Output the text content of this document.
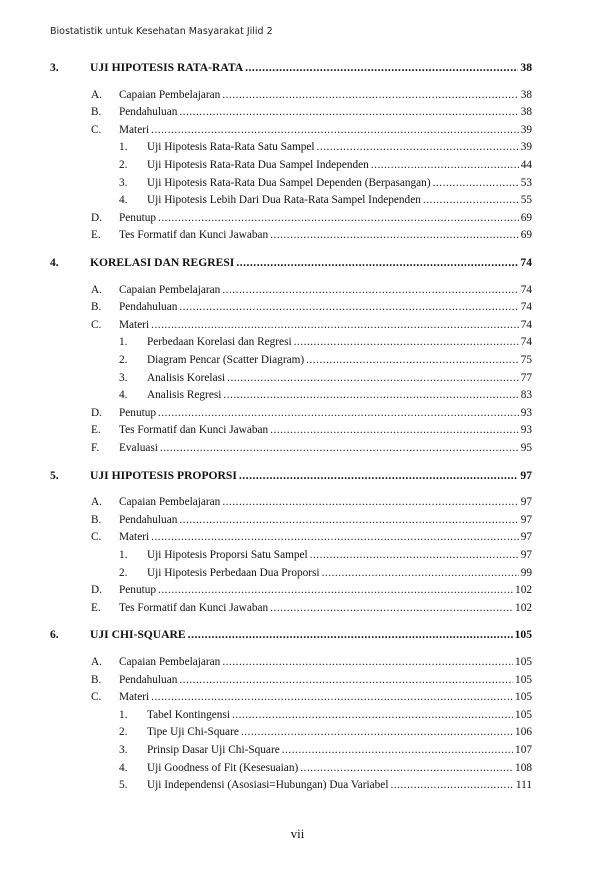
Biostatistik untuk Kesehatan Masyarakat Jilid 2
3.	UJI HIPOTESIS RATA-RATA .....	38
A. Capaian Pembelajaran .....	38
B. Pendahuluan .....	38
C. Materi .....	39
1. Uji Hipotesis Rata-Rata Satu Sampel .....	39
2. Uji Hipotesis Rata-Rata Dua Sampel Independen .....	44
3. Uji Hipotesis Rata-Rata Dua Sampel Dependen (Berpasangan) .....	53
4. Uji Hipotesis Lebih Dari Dua Rata-Rata Sampel Independen .....	55
D. Penutup .....	69
E. Tes Formatif dan Kunci Jawaban .....	69
4.	KORELASI DAN REGRESI .....	74
A. Capaian Pembelajaran .....	74
B. Pendahuluan .....	74
C. Materi .....	74
1. Perbedaan Korelasi dan Regresi .....	74
2. Diagram Pencar (Scatter Diagram) .....	75
3. Analisis Korelasi .....	77
4. Analisis Regresi .....	83
D. Penutup .....	93
E. Tes Formatif dan Kunci Jawaban .....	93
F. Evaluasi .....	95
5.	UJI HIPOTESIS PROPORSI .....	97
A. Capaian Pembelajaran .....	97
B. Pendahuluan .....	97
C. Materi .....	97
1. Uji Hipotesis Proporsi Satu Sampel .....	97
2. Uji Hipotesis Perbedaan Dua Proporsi .....	99
D. Penutup .....	102
E. Tes Formatif dan Kunci Jawaban .....	102
6.	UJI CHI-SQUARE .....	105
A. Capaian Pembelajaran .....	105
B. Pendahuluan .....	105
C. Materi .....	105
1. Tabel Kontingensi .....	105
2. Tipe Uji Chi-Square .....	106
3. Prinsip Dasar Uji Chi-Square .....	107
4. Uji Goodness of Fit (Kesesuaian) .....	108
5. Uji Independensi (Asosiasi=Hubungan) Dua Variabel .....	111
vii
